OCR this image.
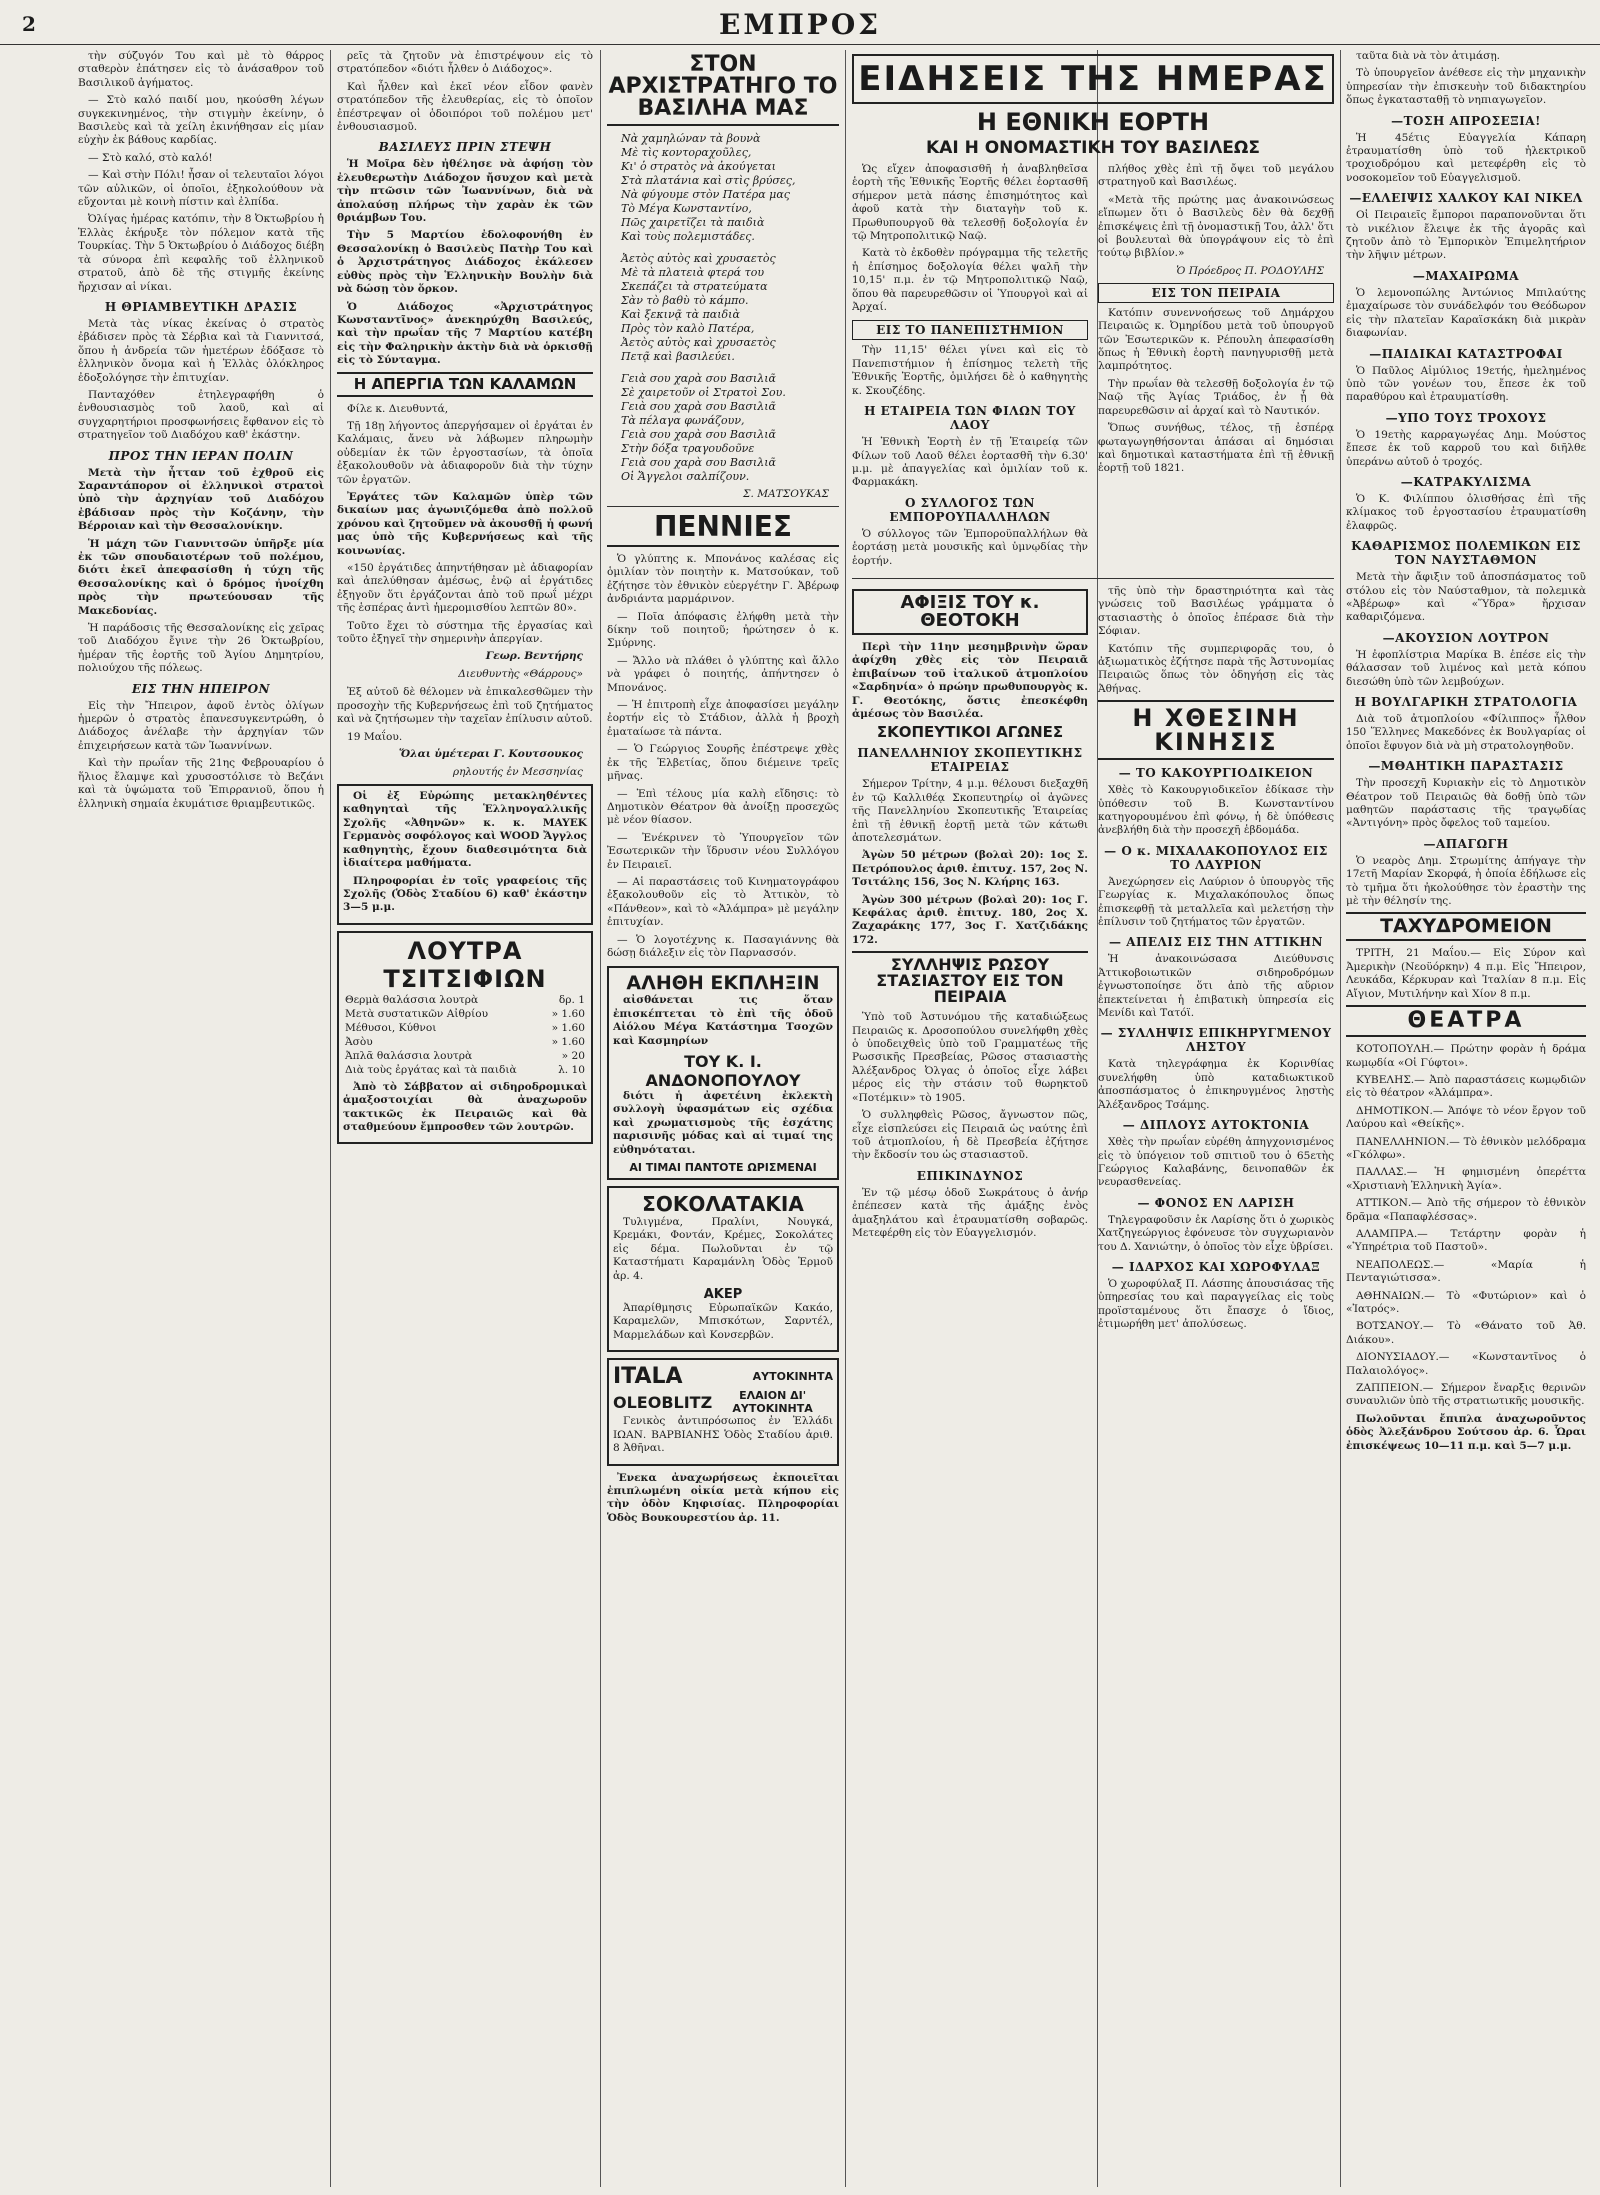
2	ΕΜΠΡΟΣ

τὴν σύζυγόν Του καὶ μὲ τὸ θάρρος σταθερὸν ἐπάτησεν εἰς τὸ ἀνάσαθρον τοῦ Βασιλικοῦ ἀγήματος.

— Στὸ καλό παιδί μου, ηκούσθη λέγων συγκεκινημένος, τὴν στιγμὴν ἐκείνην, ὁ Βασιλεὺς καὶ τὰ χείλη ἐκινήθησαν εἰς μίαν εὐχὴν ἐκ βάθους καρδίας.

— Στὸ καλό, στὸ καλό!

— Καὶ στὴν Πόλι! ἦσαν οἱ τελευταῖοι λόγοι τῶν αὐλικῶν, οἱ ὁποῖοι, ἐξηκολούθουν νὰ εὔχονται μὲ κοινὴ πίστιν καὶ ἐλπίδα.

Ὀλίγας ἡμέρας κατόπιν, τὴν 8 Ὀκτωβρίου ἡ Ἑλλὰς ἐκήρυξε τὸν πόλεμον κατὰ τῆς Τουρκίας. Τὴν 5 Ὀκτωβρίου ὁ Διάδοχος διέβη τὰ σύνορα ἐπὶ κεφαλῆς τοῦ ἑλληνικοῦ στρατοῦ, ἀπὸ δὲ τῆς στιγμῆς ἐκείνης ἤρχισαν αἱ νίκαι.

Η ΘΡΙΑΜΒΕΥΤΙΚΗ ΔΡΑΣΙΣ

Μετὰ τὰς νίκας ἐκείνας ὁ στρατὸς ἐβάδισεν πρὸς τὰ Σέρβια καὶ τὰ Γιαννιτσά, ὅπου ἡ ἀνδρεία τῶν ἡμετέρων ἐδόξασε τὸ ἑλληνικὸν ὄνομα καὶ ἡ Ἑλλὰς ὁλόκληρος ἐδοξολόγησε τὴν ἐπιτυχίαν.

Πανταχόθεν ἐτηλεγραφήθη ὁ ἐνθουσιασμὸς τοῦ λαοῦ, καὶ αἱ συγχαρητήριοι προσφωνήσεις ἔφθανον εἰς τὸ στρατηγεῖον τοῦ Διαδόχου καθ' ἑκάστην.

ΠΡΟΣ ΤΗΝ ΙΕΡΑΝ ΠΟΛΙΝ

Μετὰ τὴν ἧτταν τοῦ ἐχθροῦ εἰς Σαραντάπορον οἱ ἑλληνικοὶ στρατοὶ ὑπὸ τὴν ἀρχηγίαν τοῦ Διαδόχου ἐβάδισαν πρὸς τὴν Κοζάνην, τὴν Βέρροιαν καὶ τὴν Θεσσαλονίκην.

Ἡ μάχη τῶν Γιαννιτσῶν ὑπῆρξε μία ἐκ τῶν σπουδαιοτέρων τοῦ πολέμου, διότι ἐκεῖ ἀπεφασίσθη ἡ τύχη τῆς Θεσσαλονίκης καὶ ὁ δρόμος ἠνοίχθη πρὸς τὴν πρωτεύουσαν τῆς Μακεδονίας.

Ἡ παράδοσις τῆς Θεσσαλονίκης εἰς χεῖρας τοῦ Διαδόχου ἔγινε τὴν 26 Ὀκτωβρίου, ἡμέραν τῆς ἑορτῆς τοῦ Ἁγίου Δημητρίου, πολιούχου τῆς πόλεως.

ΕΙΣ ΤΗΝ ΗΠΕΙΡΟΝ

Εἰς τὴν Ἤπειρον, ἀφοῦ ἐντὸς ὀλίγων ἡμερῶν ὁ στρατὸς ἐπανεσυγκεντρώθη, ὁ Διάδοχος ἀνέλαβε τὴν ἀρχηγίαν τῶν ἐπιχειρήσεων κατὰ τῶν Ἰωαννίνων.

Καὶ τὴν πρωΐαν τῆς 21ης Φεβρουαρίου ὁ ἥλιος ἔλαμψε καὶ χρυσοστόλισε τὸ Βεζάνι καὶ τὰ ὑψώματα τοῦ Ἐπιρρανιοῦ, ὅπου ἡ ἑλληνικὴ σημαία ἐκυμάτισε θριαμβευτικῶς.

ρεῖς τὰ ζητοῦν νὰ ἐπιστρέψουν εἰς τὸ στρατόπεδον «διότι ἦλθεν ὁ Διάδοχος».

Καὶ ἦλθεν καὶ ἐκεῖ νέον εἶδον φανὲν στρατόπεδον τῆς ἐλευθερίας, εἰς τὸ ὁποῖον ἐπέστρεψαν οἱ ὁδοιπόροι τοῦ πολέμου μετ' ἐνθουσιασμοῦ.

ΒΑΣΙΛΕΥΣ ΠΡΙΝ ΣΤΕΨΗ

Ἡ Μοῖρα δὲν ἠθέλησε νὰ ἀφήσῃ τὸν ἐλευθερωτὴν Διάδοχον ἤσυχον καὶ μετὰ τὴν πτῶσιν τῶν Ἰωαννίνων, διὰ νὰ ἀπολαύσῃ πλήρως τὴν χαρὰν ἐκ τῶν θριάμβων Του.

Τὴν 5 Μαρτίου ἐδολοφονήθη ἐν Θεσσαλονίκῃ ὁ Βασιλεὺς Πατὴρ Του καὶ ὁ Ἀρχιστράτηγος Διάδοχος ἐκάλεσεν εὐθὺς πρὸς τὴν Ἑλληνικὴν Βουλὴν διὰ νὰ δώσῃ τὸν ὅρκον.

Ὁ Διάδοχος «Ἀρχιστράτηγος Κωνσταντῖνος» ἀνεκηρύχθη Βασιλεύς, καὶ τὴν πρωΐαν τῆς 7 Μαρτίου κατέβη εἰς τὴν Φαληρικὴν ἀκτὴν διὰ νὰ ὁρκισθῇ εἰς τὸ Σύνταγμα.

Η ΑΠΕΡΓΙΑ ΤΩΝ ΚΑΛΑΜΩΝ

Φίλε κ. Διευθυντά,

Τῇ 18ῃ λήγοντος ἀπεργήσαμεν οἱ ἐργάται ἐν Καλάμαις, ἄνευ νὰ λάβωμεν πληρωμὴν οὐδεμίαν ἐκ τῶν ἐργοστασίων, τὰ ὁποῖα ἐξακολουθοῦν νὰ ἀδιαφοροῦν διὰ τὴν τύχην τῶν ἐργατῶν.

Ἐργάτες τῶν Καλαμῶν ὑπὲρ τῶν δικαίων μας ἀγωνιζόμεθα ἀπὸ πολλοῦ χρόνου καὶ ζητοῦμεν νὰ ἀκουσθῇ ἡ φωνή μας ὑπὸ τῆς Κυβερνήσεως καὶ τῆς κοινωνίας.

«150 ἐργάτιδες ἀπηντήθησαν μὲ ἀδιαφορίαν καὶ ἀπελύθησαν ἀμέσως, ἐνῷ αἱ ἐργάτιδες ἐξηγοῦν ὅτι ἐργάζονται ἀπὸ τοῦ πρωΐ μέχρι τῆς ἑσπέρας ἀντὶ ἡμερομισθίου λεπτῶν 80».

Τοῦτο ἔχει τὸ σύστημα τῆς ἐργασίας καὶ τοῦτο ἐξηγεῖ τὴν σημερινὴν ἀπεργίαν.

Γεωρ. Βεντήρης
Διευθυντὴς «Θάρρους»

Ἐξ αὐτοῦ δὲ θέλομεν νὰ ἐπικαλεσθῶμεν τὴν προσοχὴν τῆς Κυβερνήσεως ἐπὶ τοῦ ζητήματος καὶ νὰ ζητήσωμεν τὴν ταχεῖαν ἐπίλυσιν αὐτοῦ.

19 Μαΐου.

Ὅλαι ὑμέτεραι Γ. Κουτσουκος
ρηλουτής ἐν Μεσσηνίας

Οἱ ἐξ Εὐρώπης μετακληθέντες καθηγηταὶ τῆς Ἑλληνογαλλικῆς Σχολῆς «Ἀθηνῶν» κ. κ. MAYEK Γερμανὸς σοφόλογος καὶ WOOD Ἄγγλος καθηγητὴς, ἔχουν διαθεσιμότητα διὰ ἰδιαίτερα μαθήματα.

Πληροφορίαι ἐν τοῖς γραφείοις τῆς Σχολῆς (Ὁδὸς Σταδίου 6) καθ' ἑκάστην 3—5 μ.μ.

ΛΟΥΤΡΑ ΤΣΙΤΣΙΦΙΩΝ
Θερμὰ θαλάσσια λουτρὰ	δρ. 1
Μετὰ συστατικῶν Αἰθρίου	» 1.60
Μέθυσοι, Κύθνοι	» 1.60
Ἀσὸυ	» 1.60
Ἀπλᾶ θαλάσσια λουτρὰ	» 20
Διὰ τοὺς ἐργάτας καὶ τὰ παιδιὰ	λ. 10

Ἀπὸ τὸ Σάββατον αἱ σιδηροδρομικαὶ ἁμαξοστοιχίαι θὰ ἀναχωροῦν τακτικῶς ἐκ Πειραιῶς καὶ θὰ σταθμεύουν ἔμπροσθεν τῶν λουτρῶν.

ΣΤΟΝ ΑΡΧΙΣΤΡΑΤΗΓΟ ΤΟ ΒΑΣΙΛΗΑ ΜΑΣ
Νὰ χαμηλώναν τὰ βουνὰ
Μὲ τὶς κοντοραχοῦλες,
Κι' ὁ στρατὸς νὰ ἀκούγεται
Στὰ πλατάνια καὶ στὶς βρύσες,
Νὰ φύγουμε στὸν Πατέρα μας
Τὸ Μέγα Κωνσταντίνο,
Πῶς χαιρετῖζει τὰ παιδιὰ
Καὶ τοὺς πολεμιστάδες.
Ἀετὸς αὐτὸς καὶ χρυσαετὸς
Μὲ τὰ πλατειὰ φτερά του
Σκεπάζει τὰ στρατεύματα
Σὰν τὸ βαθὺ τὸ κάμπο.
Καὶ ξεκινᾷ τὰ παιδιὰ
Πρὸς τὸν καλὸ Πατέρα,
Ἀετὸς αὐτὸς καὶ χρυσαετὸς
Πετᾷ καὶ βασιλεύει.
Γειὰ σου χαρὰ σου Βασιλιᾶ
Σὲ χαιρετοῦν οἱ Στρατοὶ Σου.
Γειὰ σου χαρὰ σου Βασιλιᾶ
Τὰ πέλαγα φωνάζουν,
Γειὰ σου χαρὰ σου Βασιλιᾶ
Στὴν δόξα τραγουδοῦνε
Γειὰ σου χαρὰ σου Βασιλιᾶ
Οἱ Ἄγγελοι σαλπίζουν.
Σ. ΜΑΤΣΟΥΚΑΣ
ΠΕΝΝΙΕΣ

Ὁ γλύπτης κ. Μπονάνος καλέσας εἰς ὁμιλίαν τὸν ποιητὴν κ. Ματσούκαν, τοῦ ἐζήτησε τὸν ἐθνικὸν εὐεργέτην Γ. Ἀβέρωφ ἀνδριάντα μαρμάρινον.

— Ποῖα ἀπόφασις ἐλήφθη μετὰ τὴν δίκην τοῦ ποιητοῦ; ἠρώτησεν ὁ κ. Σμύρνης.

— Ἄλλο νὰ πλάθει ὁ γλύπτης καὶ ἄλλο νὰ γράφει ὁ ποιητής, ἀπήντησεν ὁ Μπονάνος.

— Ἡ ἐπιτροπὴ εἶχε ἀποφασίσει μεγάλην ἐορτήν εἰς τὸ Στάδιον, ἀλλὰ ἡ βροχὴ ἐματαίωσε τὰ πάντα.

— Ὁ Γεώργιος Σουρῆς ἐπέστρεψε χθὲς ἐκ τῆς Ἑλβετίας, ὅπου διέμεινε τρεῖς μῆνας.

— Ἐπὶ τέλους μία καλὴ εἴδησις: τὸ Δημοτικὸν Θέατρον θὰ ἀνοίξῃ προσεχῶς μὲ νέον θίασον.

— Ἐνέκρινεν τὸ Ὑπουργεῖον τῶν Ἐσωτερικῶν τὴν ἵδρυσιν νέου Συλλόγου ἐν Πειραιεῖ.

— Αἱ παραστάσεις τοῦ Κινηματογράφου ἐξακολουθοῦν εἰς τὸ Ἀττικὸν, τὸ «Πάνθεον», καὶ τὸ «Ἀλάμπρα» μὲ μεγάλην ἐπιτυχίαν.

— Ὁ λογοτέχνης κ. Πασαγιάννης θὰ δώσῃ διάλεξιν εἰς τὸν Παρνασσόν.

ΑΛΗΘΗ ΕΚΠΛΗΞΙΝ

αἰσθάνεται τις ὅταν ἐπισκέπτεται τὸ ἐπὶ τῆς ὁδοῦ Αἰόλου Μέγα Κατάστημα Τσοχῶν καὶ Κασμηρίων

ΤΟΥ Κ. Ι. ΑΝΔΟΝΟΠΟΥΛΟΥ

διότι ἡ ἀφετέινη ἐκλεκτὴ συλλογὴ ὑφασμάτων εἰς σχέδια καὶ χρωματισμοὺς τῆς ἐσχάτης παρισινῆς μόδας καὶ αἱ τιμαί της εὐθηνόταται.

ΑΙ ΤΙΜΑΙ ΠΑΝΤΟΤΕ ΩΡΙΣΜΕΝΑΙ
ΣΟΚΟΛΑΤΑΚΙΑ

Τυλιγμένα, Πραλίνι, Νουγκά, Κρεμάκι, Φοντάν, Κρέμες, Σοκολάτες εἰς δέμα. Πωλοῦνται ἐν τῷ Καταστήματι Καραμάνλη Ὁδὸς Ἑρμοῦ ἀρ. 4.

ΑΚΕΡ

Ἀπαρίθμησις Εὐρωπαϊκῶν Κακάο, Καραμελῶν, Μπισκότων, Σαρντέλ, Μαρμελάδων καὶ Κονσερβῶν.

ITALA	ΑΥΤΟΚΙΝΗΤΑ
OLEOBLITZ	ΕΛΑΙΟΝ ΔΙ' ΑΥΤΟΚΙΝΗΤΑ

Γενικὸς ἀντιπρόσωπος ἐν Ἑλλάδι ΙΩΑΝ. ΒΑΡΒΙΑΝΗΣ Ὁδὸς Σταδίου ἀριθ. 8 Ἀθῆναι.

Ἐνεκα ἀναχωρήσεως ἐκποιεῖται ἐπιπλωμένη οἰκία μετὰ κήπου εἰς τὴν ὁδὸν Κηφισίας. Πληροφορίαι Ὁδὸς Βουκουρεστίου ἀρ. 11.

ΕΙΔΗΣΕΙΣ ΤΗΣ ΗΜΕΡΑΣ
Η ΕΘΝΙΚΗ ΕΟΡΤΗ
ΚΑΙ Η ΟΝΟΜΑΣΤΙΚΗ ΤΟΥ ΒΑΣΙΛΕΩΣ

Ὡς εἴχεν ἀποφασισθῆ ἡ ἀναβληθεῖσα ἑορτὴ τῆς Ἐθνικῆς Ἑορτῆς θέλει ἑορτασθῆ σήμερον μετὰ πάσης ἐπισημότητος καὶ ἀφοῦ κατὰ τὴν διαταγὴν τοῦ κ. Πρωθυπουργοῦ θὰ τελεσθῇ δοξολογία ἐν τῷ Μητροπολιτικῷ Ναῷ.

Κατὰ τὸ ἐκδοθὲν πρόγραμμα τῆς τελετῆς ἡ ἐπίσημος δοξολογία θέλει ψαλῆ τὴν 10,15' π.μ. ἐν τῷ Μητροπολιτικῷ Ναῷ, ὅπου θὰ παρευρεθῶσιν οἱ Ὑπουργοὶ καὶ αἱ Ἀρχαί.

ΕΙΣ ΤΟ ΠΑΝΕΠΙΣΤΗΜΙΟΝ

Τὴν 11,15' θέλει γίνει καὶ εἰς τὸ Πανεπιστήμιον ἡ ἐπίσημος τελετὴ τῆς Ἐθνικῆς Ἑορτῆς, ὁμιλήσει δὲ ὁ καθηγητὴς κ. Σκουζέδης.

Η ΕΤΑΙΡΕΙΑ ΤΩΝ ΦΙΛΩΝ ΤΟΥ ΛΑΟΥ

Ἡ Ἐθνικὴ Ἑορτὴ ἐν τῇ Ἑταιρείᾳ τῶν Φίλων τοῦ Λαοῦ θέλει ἑορτασθῆ τὴν 6.30' μ.μ. μὲ ἀπαγγελίας καὶ ὁμιλίαν τοῦ κ. Φαρμακάκη.

Ο ΣΥΛΛΟΓΟΣ ΤΩΝ ΕΜΠΟΡΟΥΠΑΛΛΗΛΩΝ

Ὁ σύλλογος τῶν Ἐμποροϋπαλλήλων θὰ ἑορτάσῃ μετὰ μουσικῆς καὶ ὑμνῳδίας τὴν ἑορτήν.

πλήθος χθὲς ἐπὶ τῇ ὄψει τοῦ μεγάλου στρατηγοῦ καὶ Βασιλέως.

«Μετὰ τῆς πρώτης μας ἀνακοινώσεως εἴπωμεν ὅτι ὁ Βασιλεὺς δὲν θὰ δεχθῇ ἐπισκέψεις ἐπὶ τῇ ὀνομαστικῇ Του, ἀλλ' ὅτι οἱ βουλευταὶ θὰ ὑπογράψουν εἰς τὸ ἐπὶ τούτῳ βιβλίον.»

Ὁ Πρόεδρος Π. ΡΟΔΟΥΛΗΣ
ΕΙΣ ΤΟΝ ΠΕΙΡΑΙΑ

Κατόπιν συνεννοήσεως τοῦ Δημάρχου Πειραιῶς κ. Ὀμηρίδου μετὰ τοῦ ὑπουργοῦ τῶν Ἐσωτερικῶν κ. Ρέπουλη ἀπεφασίσθη ὅπως ἡ Ἐθνικὴ ἑορτὴ πανηγυρισθῇ μετὰ λαμπρότητος.

Τὴν πρωΐαν θὰ τελεσθῇ δοξολογία ἐν τῷ Ναῷ τῆς Ἁγίας Τριάδος, ἐν ᾗ θὰ παρευρεθῶσιν αἱ ἀρχαί καὶ τὸ Ναυτικόν.

Ὅπως συνήθως, τέλος, τῇ ἐσπέρᾳ φωταγωγηθήσονται ἁπάσαι αἱ δημόσιαι καὶ δημοτικαὶ καταστήματα ἐπὶ τῇ ἐθνικῇ ἑορτῇ τοῦ 1821.

ΑΦΙΞΙΣ ΤΟΥ κ. ΘΕΟΤΟΚΗ

Περὶ τὴν 11ην μεσημβρινὴν ὥραν ἀφίχθη χθὲς εἰς τὸν Πειραιᾶ ἐπιβαίνων τοῦ ἰταλικοῦ ἀτμοπλοίου «Σαρδηνία» ὁ πρώην πρωθυπουργὸς κ. Γ. Θεοτόκης, ὅστις ἐπεσκέφθη ἀμέσως τὸν Βασιλέα.

ΣΚΟΠΕΥΤΙΚΟΙ ΑΓΩΝΕΣ
ΠΑΝΕΛΛΗΝΙΟΥ ΣΚΟΠΕΥΤΙΚΗΣ ΕΤΑΙΡΕΙΑΣ

Σήμερον Τρίτην, 4 μ.μ. θέλουσι διεξαχθῆ ἐν τῷ Καλλιθέᾳ Σκοπευτηρίῳ οἱ ἀγῶνες τῆς Πανελληνίου Σκοπευτικῆς Ἑταιρείας ἐπὶ τῇ ἐθνικῇ ἑορτῇ μετὰ τῶν κάτωθι ἀποτελεσμάτων.

Ἀγὼν 50 μέτρων (βολαὶ 20): 1ος Σ. Πετρόπουλος ἀριθ. ἐπιτυχ. 157, 2ος Ν. Τσιτάλης 156, 3ος Ν. Κλήρης 163.

Ἀγὼν 300 μέτρων (βολαὶ 20): 1ος Γ. Κεφάλας ἀριθ. ἐπιτυχ. 180, 2ος Χ. Ζαχαράκης 177, 3ος Γ. Χατζιδάκης 172.

ΣΥΛΛΗΨΙΣ ΡΩΣΟΥ ΣΤΑΣΙΑΣΤΟΥ ΕΙΣ ΤΟΝ ΠΕΙΡΑΙΑ

Ὑπὸ τοῦ Ἀστυνόμου τῆς καταδιώξεως Πειραιῶς κ. Δροσοπούλου συνελήφθη χθὲς ὁ ὑποδειχθεὶς ὑπὸ τοῦ Γραμματέως τῆς Ρωσσικῆς Πρεσβείας, Ρῶσος στασιαστὴς Ἀλέξανδρος Ὀλγας ὁ ὁποῖος εἶχε λάβει μέρος εἰς τὴν στάσιν τοῦ θωρηκτοῦ «Ποτέμκιν» τὸ 1905.

Ὁ συλληφθεὶς Ρῶσος, ἄγνωστον πῶς, εἶχε εἰσπλεύσει εἰς Πειραιᾶ ὡς ναύτης ἐπὶ τοῦ ἀτμοπλοίου, ἡ δὲ Πρεσβεία ἐζήτησε τὴν ἔκδοσίν του ὡς στασιαστοῦ.

ΕΠΙΚΙΝΔΥΝΟΣ

Ἐν τῷ μέσῳ ὁδοῦ Σωκράτους ὁ ἀνήρ ἐπέπεσεν κατὰ τῆς ἀμάξης ἐνὸς ἁμαξηλάτου καὶ ἐτραυματίσθη σοβαρῶς. Μετεφέρθη εἰς τὸν Εὐαγγελισμόν.

τῆς ὑπὸ τὴν δραστηριότητα καὶ τὰς γνώσεις τοῦ Βασιλέως γράμματα ὁ στασιαστὴς ὁ ὁποῖος ἐπέρασε διὰ τὴν Σόφιαν.

Κατόπιν τῆς συμπεριφορᾶς του, ὁ ἀξιωματικὸς ἐζήτησε παρὰ τῆς Ἀστυνομίας Πειραιῶς ὅπως τὸν ὁδηγήσῃ εἰς τὰς Ἀθήνας.

Η ΧΘΕΣΙΝΗ ΚΙΝΗΣΙΣ
— ΤΟ ΚΑΚΟΥΡΓΙΟΔΙΚΕΙΟΝ

Χθὲς τὸ Κακουργιοδικεῖον ἐδίκασε τὴν ὑπόθεσιν τοῦ Β. Κωνσταντίνου κατηγορουμένου ἐπὶ φόνῳ, ἡ δὲ ὑπόθεσις ἀνεβλήθη διὰ τὴν προσεχῆ ἑβδομάδα.

— Ο κ. ΜΙΧΑΛΑΚΟΠΟΥΛΟΣ ΕΙΣ ΤΟ ΛΑΥΡΙΟΝ

Ἀνεχώρησεν εἰς Λαύριον ὁ ὑπουργὸς τῆς Γεωργίας κ. Μιχαλακόπουλος ὅπως ἐπισκεφθῇ τὰ μεταλλεῖα καὶ μελετήσῃ τὴν ἐπίλυσιν τοῦ ζητήματος τῶν ἐργατῶν.

— ΑΠΕΛΙΣ ΕΙΣ ΤΗΝ ΑΤΤΙΚΗΝ

Ἡ ἀνακοινώσασα Διεύθυνσις Ἀττικοβοιωτικῶν σιδηροδρόμων ἐγνωστοποίησε ὅτι ἀπὸ τῆς αὔριον ἐπεκτείνεται ἡ ἐπιβατικὴ ὑπηρεσία εἰς Μενίδι καὶ Τατόϊ.

— ΣΥΛΛΗΨΙΣ ΕΠΙΚΗΡΥΓΜΕΝΟΥ ΛΗΣΤΟΥ

Κατὰ τηλεγράφημα ἐκ Κορινθίας συνελήφθη ὑπὸ καταδιωκτικοῦ ἀποσπάσματος ὁ ἐπικηρυγμένος λῃστὴς Ἀλέξανδρος Τσάμης.

— ΔΙΠΛΟΥΣ ΑΥΤΟΚΤΟΝΙΑ

Χθὲς τὴν πρωΐαν εὑρέθη ἀπηγχονισμένος εἰς τὸ ὑπόγειον τοῦ σπιτιοῦ του ὁ 65ετὴς Γεώργιος Καλαβάνης, δεινοπαθῶν ἐκ νευρασθενείας.

— ΦΟΝΟΣ ΕΝ ΛΑΡΙΣΗ

Τηλεγραφοῦσιν ἐκ Λαρίσης ὅτι ὁ χωρικὸς Χατζηγεώργιος ἐφόνευσε τὸν συγχωριανὸν του Δ. Χανιώτην, ὁ ὁποῖος τὸν εἶχε ὑβρίσει.

— ΙΔΑΡΧΟΣ ΚΑΙ ΧΩΡΟΦΥΛΑΞ

Ὁ χωροφύλαξ Π. Λάσπης ἀπουσιάσας τῆς ὑπηρεσίας του καὶ παραγγείλας εἰς τοὺς προϊσταμένους ὅτι ἔπασχε ὁ ἴδιος, ἐτιμωρήθη μετ' ἀπολύσεως.

ταῦτα διὰ νὰ τὸν ἀτιμάσῃ.

Τὸ ὑπουργεῖον ἀνέθεσε εἰς τὴν μηχανικὴν ὑπηρεσίαν τὴν ἐπισκευὴν τοῦ διδακτηρίου ὅπως ἐγκατασταθῇ τὸ νηπιαγωγεῖον.

—ΤΟΣΗ ΑΠΡΟΣΕΞΙΑ!

Ἡ 45έτις Εὐαγγελία Κάπαρη ἐτραυματίσθη ὑπὸ τοῦ ἡλεκτρικοῦ τροχιοδρόμου καὶ μετεφέρθη εἰς τὸ νοσοκομεῖον τοῦ Εὐαγγελισμοῦ.

—ΕΛΛΕΙΨΙΣ ΧΑΛΚΟΥ ΚΑΙ ΝΙΚΕΛ

Οἱ Πειραιεῖς ἔμποροι παραπονοῦνται ὅτι τὸ νικέλιον ἔλειψε ἐκ τῆς ἀγορᾶς καὶ ζητοῦν ἀπὸ τὸ Ἐμπορικὸν Ἐπιμελητήριον τὴν λῆψιν μέτρων.

—ΜΑΧΑΙΡΩΜΑ

Ὁ λεμονοπώλης Ἀντώνιος Μπιλαύτης ἐμαχαίρωσε τὸν συνάδελφόν του Θεόδωρον εἰς τὴν πλατεῖαν Καραϊσκάκη διὰ μικρὰν διαφωνίαν.

—ΠΑΙΔΙΚΑΙ ΚΑΤΑΣΤΡΟΦΑΙ

Ὁ Παῦλος Αἰμύλιος 19ετής, ἠμελημένος ὑπὸ τῶν γονέων του, ἔπεσε ἐκ τοῦ παραθύρου καὶ ἐτραυματίσθη.

—ΥΠΟ ΤΟΥΣ ΤΡΟΧΟΥΣ

Ὁ 19ετὴς καρραγωγέας Δημ. Μούστος ἔπεσε ἐκ τοῦ καρροῦ του καὶ διῆλθε ὑπεράνω αὐτοῦ ὁ τροχός.

—ΚΑΤΡΑΚΥΛΙΣΜΑ

Ὁ Κ. Φιλίππου ὀλισθήσας ἐπὶ τῆς κλίμακος τοῦ ἐργοστασίου ἐτραυματίσθη ἐλαφρῶς.

ΚΑΘΑΡΙΣΜΟΣ ΠΟΛΕΜΙΚΩΝ ΕΙΣ ΤΟΝ ΝΑΥΣΤΑΘΜΟΝ

Μετὰ τὴν ἄφιξιν τοῦ ἀποσπάσματος τοῦ στόλου εἰς τὸν Ναύσταθμον, τὰ πολεμικὰ «Ἀβέρωφ» καὶ «Ὕδρα» ἤρχισαν καθαριζόμενα.

—ΑΚΟΥΣΙΟΝ ΛΟΥΤΡΟΝ

Ἡ ἐφοπλίστρια Μαρίκα Β. ἐπέσε εἰς τὴν θάλασσαν τοῦ λιμένος καὶ μετὰ κόπου διεσώθη ὑπὸ τῶν λεμβούχων.

Η ΒΟΥΛΓΑΡΙΚΗ ΣΤΡΑΤΟΛΟΓΙΑ

Διὰ τοῦ ἀτμοπλοίου «Φίλιππος» ἦλθον 150 Ἕλληνες Μακεδόνες ἐκ Βουλγαρίας οἱ ὁποῖοι ἔφυγον διὰ νὰ μὴ στρατολογηθοῦν.

—ΜΘΑΗΤΙΚΗ ΠΑΡΑΣΤΑΣΙΣ

Τὴν προσεχῆ Κυριακὴν εἰς τὸ Δημοτικὸν Θέατρον τοῦ Πειραιῶς θὰ δοθῇ ὑπὸ τῶν μαθητῶν παράστασις τῆς τραγῳδίας «Ἀντιγόνη» πρὸς ὄφελος τοῦ ταμείου.

—ΑΠΑΓΩΓΗ

Ὁ νεαρὸς Δημ. Στρωμίτης ἀπήγαγε τὴν 17ετῆ Μαρίαν Σκορφά, ἡ ὁποία ἐδήλωσε εἰς τὸ τμῆμα ὅτι ἠκολούθησε τὸν ἐραστὴν της μὲ τὴν θέλησίν της.

ΤΑΧΥΔΡΟΜΕΙΟΝ

ΤΡΙΤΗ, 21 Μαΐου.— Εἰς Σύρον καὶ Ἀμερικὴν (Νεοϋόρκην) 4 π.μ. Εἰς Ἤπειρον, Λευκάδα, Κέρκυραν καὶ Ἰταλίαν 8 π.μ. Εἰς Αἴγιον, Μυτιλήνην καὶ Χίον 8 π.μ.

ΘΕΑΤΡΑ

ΚΟΤΟΠΟΥΛΗ.— Πρώτην φορὰν ἡ δράμα κωμῳδία «Οἱ Γύφτοι».

ΚΥΒΕΛΗΣ.— Ἀπὸ παραστάσεις κωμῳδιῶν εἰς τὸ θέατρον «Ἀλάμπρα».

ΔΗΜΟΤΙΚΟΝ.— Ἀπόψε τὸ νέον ἔργον τοῦ Λαύρου καὶ «Θείκῆς».

ΠΑΝΕΛΛΗΝΙΟΝ.— Τὸ ἐθνικὸν μελόδραμα «Γκόλφω».

ΠΑΛΛΑΣ.— Ἡ φημισμένη ὀπερέττα «Χριστιανὴ Ἑλληνικὴ Ἁγία».

ΑΤΤΙΚΟΝ.— Ἀπὸ τῆς σήμερον τὸ ἐθνικὸν δρᾶμα «Παπαφλέσσας».

ΑΛΑΜΠΡΑ.— Τετάρτην φορὰν ἡ «Ὑπηρέτρια τοῦ Παστοῦ».

ΝΕΑΠΟΛΕΩΣ.— «Μαρία ἡ Πενταγιώτισσα».

ΑΘΗΝΑΙΩΝ.— Τὸ «Φυτώριον» καὶ ὁ «Ἰατρός».

ΒΟΤΣΑΝΟΥ.— Τὸ «Θάνατο τοῦ Ἀθ. Διάκου».

ΔΙΟΝΥΣΙΑΔΟΥ.— «Κωνσταντῖνος ὁ Παλαιολόγος».

ΖΑΠΠΕΙΟΝ.— Σήμερον ἔναρξις θερινῶν συναυλιῶν ὑπὸ τῆς στρατιωτικῆς μουσικῆς.

Πωλοῦνται ἔπιπλα ἀναχωροῦντος ὁδὸς Ἀλεξάνδρου Σούτσου ἀρ. 6. Ὧραι ἐπισκέψεως 10—11 π.μ. καὶ 5—7 μ.μ.
